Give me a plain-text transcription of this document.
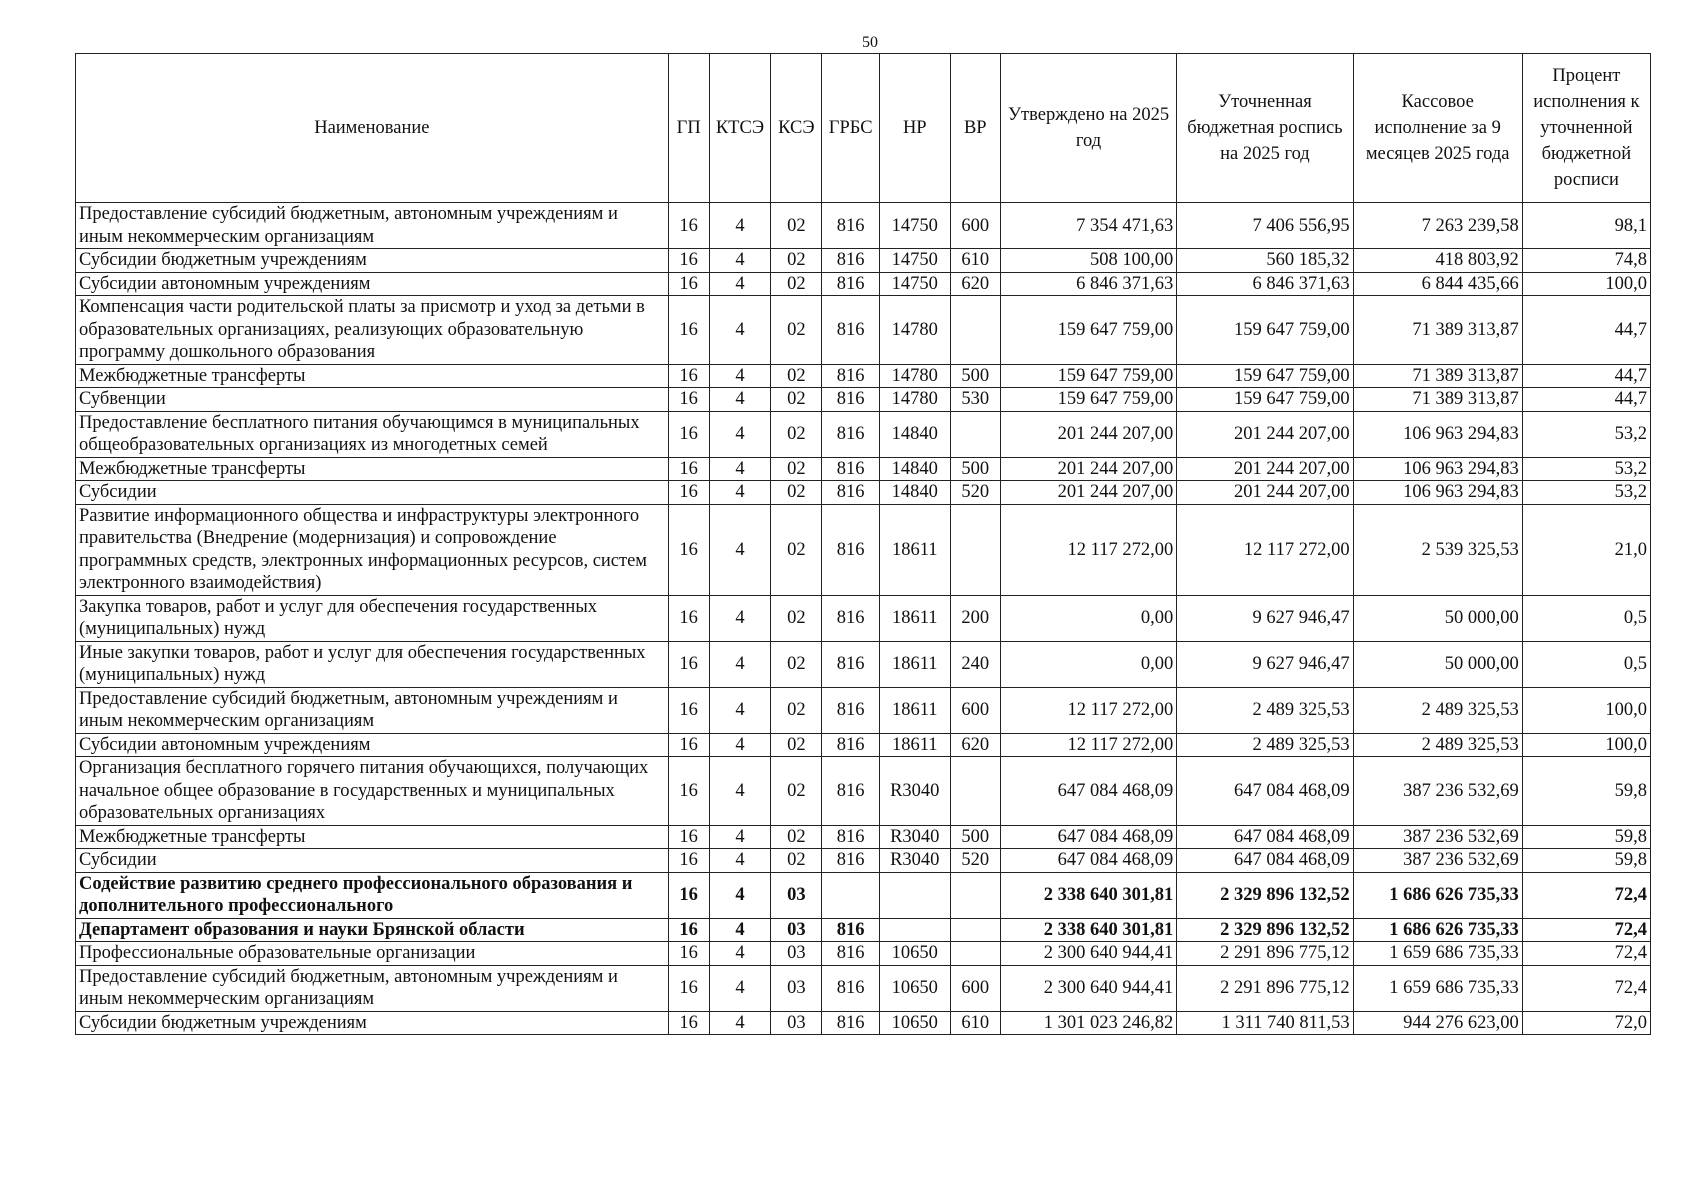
50
Наименование	ГП	КТСЭ	КСЭ	ГРБС	НР	ВР	Утверждено на 2025 год	Уточненная бюджетная роспись на 2025 год	Кассовое исполнение за 9 месяцев 2025 года	Процент исполнения к уточненной бюджетной росписи
Предоставление субсидий бюджетным, автономным учреждениям и иным некоммерческим организациям	16	4	02	816	14750	600	7 354 471,63	7 406 556,95	7 263 239,58	98,1
Субсидии бюджетным учреждениям	16	4	02	816	14750	610	508 100,00	560 185,32	418 803,92	74,8
Субсидии автономным учреждениям	16	4	02	816	14750	620	6 846 371,63	6 846 371,63	6 844 435,66	100,0
Компенсация части родительской платы за присмотр и уход за детьми в образовательных организациях, реализующих образовательную программу дошкольного образования	16	4	02	816	14780		159 647 759,00	159 647 759,00	71 389 313,87	44,7
Межбюджетные трансферты	16	4	02	816	14780	500	159 647 759,00	159 647 759,00	71 389 313,87	44,7
Субвенции	16	4	02	816	14780	530	159 647 759,00	159 647 759,00	71 389 313,87	44,7
Предоставление бесплатного питания обучающимся в муниципальных общеобразовательных организациях из многодетных семей	16	4	02	816	14840		201 244 207,00	201 244 207,00	106 963 294,83	53,2
Межбюджетные трансферты	16	4	02	816	14840	500	201 244 207,00	201 244 207,00	106 963 294,83	53,2
Субсидии	16	4	02	816	14840	520	201 244 207,00	201 244 207,00	106 963 294,83	53,2
Развитие информационного общества и инфраструктуры электронного правительства (Внедрение (модернизация) и сопровождение программных средств, электронных информационных ресурсов, систем электронного взаимодействия)	16	4	02	816	18611		12 117 272,00	12 117 272,00	2 539 325,53	21,0
Закупка товаров, работ и услуг для обеспечения государственных (муниципальных) нужд	16	4	02	816	18611	200	0,00	9 627 946,47	50 000,00	0,5
Иные закупки товаров, работ и услуг для обеспечения государственных (муниципальных) нужд	16	4	02	816	18611	240	0,00	9 627 946,47	50 000,00	0,5
Предоставление субсидий бюджетным, автономным учреждениям и иным некоммерческим организациям	16	4	02	816	18611	600	12 117 272,00	2 489 325,53	2 489 325,53	100,0
Субсидии автономным учреждениям	16	4	02	816	18611	620	12 117 272,00	2 489 325,53	2 489 325,53	100,0
Организация бесплатного горячего питания обучающихся, получающих начальное общее образование в государственных и муниципальных образовательных организациях	16	4	02	816	R3040		647 084 468,09	647 084 468,09	387 236 532,69	59,8
Межбюджетные трансферты	16	4	02	816	R3040	500	647 084 468,09	647 084 468,09	387 236 532,69	59,8
Субсидии	16	4	02	816	R3040	520	647 084 468,09	647 084 468,09	387 236 532,69	59,8
Содействие развитию среднего профессионального образования и дополнительного профессионального	16	4	03				2 338 640 301,81	2 329 896 132,52	1 686 626 735,33	72,4
Департамент образования и науки Брянской области	16	4	03	816			2 338 640 301,81	2 329 896 132,52	1 686 626 735,33	72,4
Профессиональные образовательные организации	16	4	03	816	10650		2 300 640 944,41	2 291 896 775,12	1 659 686 735,33	72,4
Предоставление субсидий бюджетным, автономным учреждениям и иным некоммерческим организациям	16	4	03	816	10650	600	2 300 640 944,41	2 291 896 775,12	1 659 686 735,33	72,4
Субсидии бюджетным учреждениям	16	4	03	816	10650	610	1 301 023 246,82	1 311 740 811,53	944 276 623,00	72,0
